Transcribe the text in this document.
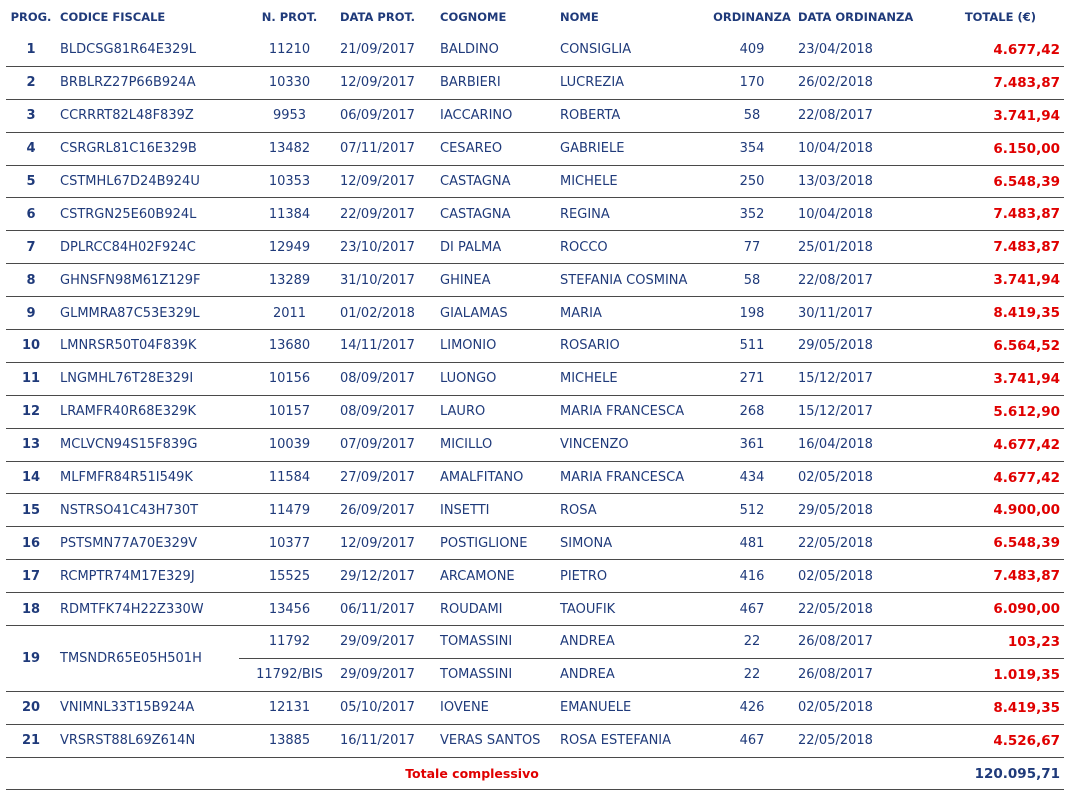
PROG.	CODICE FISCALE	N. PROT.	DATA PROT.	COGNOME	NOME	ORDINANZA	DATA ORDINANZA	TOTALE (€)
1	BLDCSG81R64E329L	11210	21/09/2017	BALDINO	CONSIGLIA	409	23/04/2018	4.677,42
2	BRBLRZ27P66B924A	10330	12/09/2017	BARBIERI	LUCREZIA	170	26/02/2018	7.483,87
3	CCRRRT82L48F839Z	9953	06/09/2017	IACCARINO	ROBERTA	58	22/08/2017	3.741,94
4	CSRGRL81C16E329B	13482	07/11/2017	CESAREO	GABRIELE	354	10/04/2018	6.150,00
5	CSTMHL67D24B924U	10353	12/09/2017	CASTAGNA	MICHELE	250	13/03/2018	6.548,39
6	CSTRGN25E60B924L	11384	22/09/2017	CASTAGNA	REGINA	352	10/04/2018	7.483,87
7	DPLRCC84H02F924C	12949	23/10/2017	DI PALMA	ROCCO	77	25/01/2018	7.483,87
8	GHNSFN98M61Z129F	13289	31/10/2017	GHINEA	STEFANIA COSMINA	58	22/08/2017	3.741,94
9	GLMMRA87C53E329L	2011	01/02/2018	GIALAMAS	MARIA	198	30/11/2017	8.419,35
10	LMNRSR50T04F839K	13680	14/11/2017	LIMONIO	ROSARIO	511	29/05/2018	6.564,52
11	LNGMHL76T28E329I	10156	08/09/2017	LUONGO	MICHELE	271	15/12/2017	3.741,94
12	LRAMFR40R68E329K	10157	08/09/2017	LAURO	MARIA FRANCESCA	268	15/12/2017	5.612,90
13	MCLVCN94S15F839G	10039	07/09/2017	MICILLO	VINCENZO	361	16/04/2018	4.677,42
14	MLFMFR84R51I549K	11584	27/09/2017	AMALFITANO	MARIA FRANCESCA	434	02/05/2018	4.677,42
15	NSTRSO41C43H730T	11479	26/09/2017	INSETTI	ROSA	512	29/05/2018	4.900,00
16	PSTSMN77A70E329V	10377	12/09/2017	POSTIGLIONE	SIMONA	481	22/05/2018	6.548,39
17	RCMPTR74M17E329J	15525	29/12/2017	ARCAMONE	PIETRO	416	02/05/2018	7.483,87
18	RDMTFK74H22Z330W	13456	06/11/2017	ROUDAMI	TAOUFIK	467	22/05/2018	6.090,00
19	TMSNDR65E05H501H	11792	29/09/2017	TOMASSINI	ANDREA	22	26/08/2017	103,23
		11792/BIS	29/09/2017	TOMASSINI	ANDREA	22	26/08/2017	1.019,35
20	VNIMNL33T15B924A	12131	05/10/2017	IOVENE	EMANUELE	426	02/05/2018	8.419,35
21	VRSRST88L69Z614N	13885	16/11/2017	VERAS SANTOS	ROSA ESTEFANIA	467	22/05/2018	4.526,67
Totale complessivo								120.095,71
